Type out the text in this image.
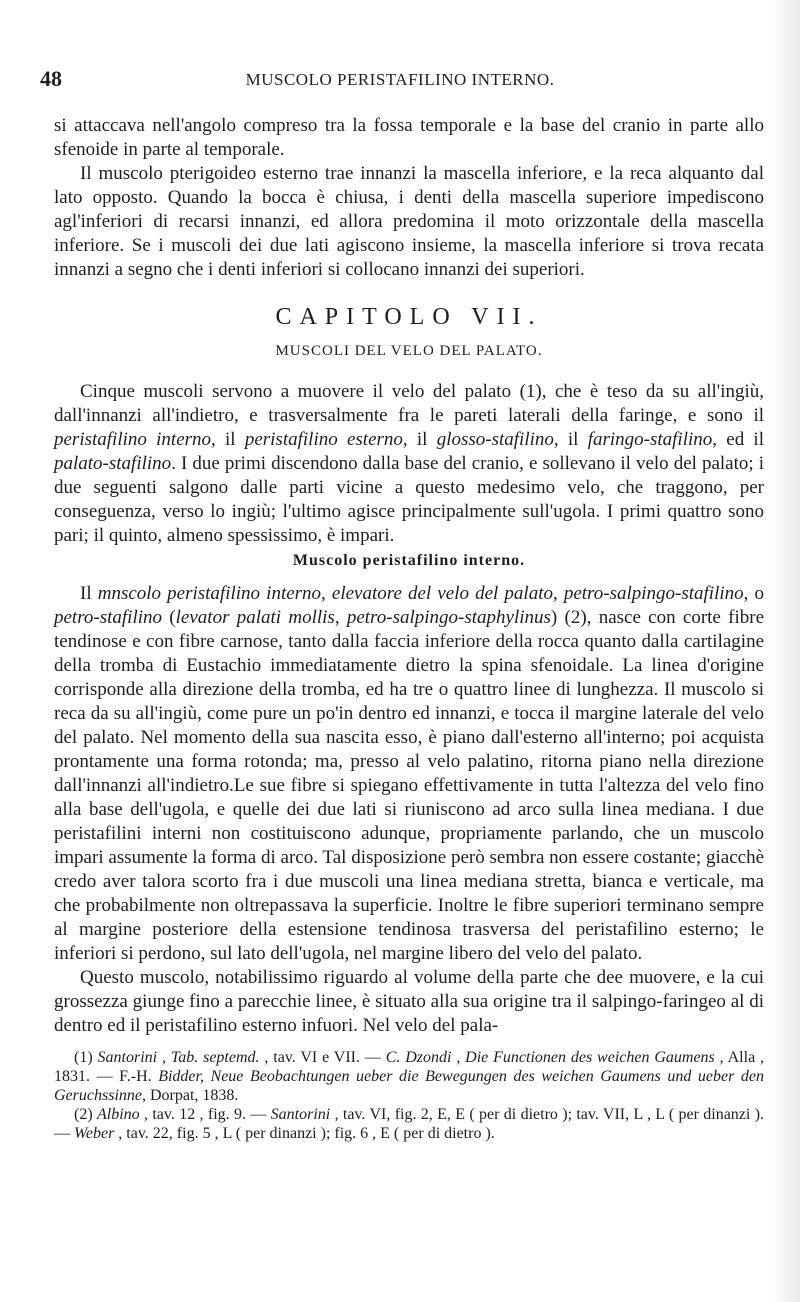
48	MUSCOLO PERISTAFILINO INTERNO.

si attaccava nell'angolo compreso tra la fossa temporale e la base del cranio in parte allo sfenoide in parte al temporale.

Il muscolo pterigoideo esterno trae innanzi la mascella inferiore, e la reca alquanto dal lato opposto. Quando la bocca è chiusa, i denti della mascella superiore impediscono agl'inferiori di recarsi innanzi, ed allora predomina il moto orizzontale della mascella inferiore. Se i muscoli dei due lati agiscono insieme, la mascella inferiore si trova recata innanzi a segno che i denti inferiori si collocano innanzi dei superiori.

CAPITOLO VII.
MUSCOLI DEL VELO DEL PALATO.

Cinque muscoli servono a muovere il velo del palato (1), che è teso da su all'ingiù, dall'innanzi all'indietro, e trasversalmente fra le pareti laterali della faringe, e sono il peristafilino interno, il peristafilino esterno, il glosso-stafilino, il faringo-stafilino, ed il palato-stafilino. I due primi discendono dalla base del cranio, e sollevano il velo del palato; i due seguenti salgono dalle parti vicine a questo medesimo velo, che traggono, per conseguenza, verso lo ingiù; l'ultimo agisce principalmente sull'ugola. I primi quattro sono pari; il quinto, almeno spessissimo, è impari.

Muscolo peristafilino interno.

Il mnscolo peristafilino interno, elevatore del velo del palato, petro-salpingo-stafilino, o petro-stafilino (levator palati mollis, petro-salpingo-staphylinus) (2), nasce con corte fibre tendinose e con fibre carnose, tanto dalla faccia inferiore della rocca quanto dalla cartilagine della tromba di Eustachio immediatamente dietro la spina sfenoidale. La linea d'origine corrisponde alla direzione della tromba, ed ha tre o quattro linee di lunghezza. Il muscolo si reca da su all'ingiù, come pure un po'in dentro ed innanzi, e tocca il margine laterale del velo del palato. Nel momento della sua nascita esso, è piano dall'esterno all'interno; poi acquista prontamente una forma rotonda; ma, presso al velo palatino, ritorna piano nella direzione dall'innanzi all'indietro.Le sue fibre si spiegano effettivamente in tutta l'altezza del velo fino alla base dell'ugola, e quelle dei due lati si riuniscono ad arco sulla linea mediana. I due peristafilini interni non costituiscono adunque, propriamente parlando, che un muscolo impari assumente la forma di arco. Tal disposizione però sembra non essere costante; giacchè credo aver talora scorto fra i due muscoli una linea mediana stretta, bianca e verticale, ma che probabilmente non oltrepassava la superficie. Inoltre le fibre superiori terminano sempre al margine posteriore della estensione tendinosa trasversa del peristafilino esterno; le inferiori si perdono, sul lato dell'ugola, nel margine libero del velo del palato.

Questo muscolo, notabilissimo riguardo al volume della parte che dee muovere, e la cui grossezza giunge fino a parecchie linee, è situato alla sua origine tra il salpingo-faringeo al di dentro ed il peristafilino esterno infuori. Nel velo del pala-

(1) Santorini , Tab. septemd. , tav. VI e VII. — C. Dzondi , Die Functionen des weichen Gaumens , Alla , 1831. — F.-H. Bidder, Neue Beobachtungen ueber die Bewegungen des weichen Gaumens und ueber den Geruchssinne, Dorpat, 1838.

(2) Albino , tav. 12 , fig. 9. — Santorini , tav. VI, fig. 2, E, E ( per di dietro ); tav. VII, L , L ( per dinanzi ). — Weber , tav. 22, fig. 5 , L ( per dinanzi ); fig. 6 , E ( per di dietro ).
